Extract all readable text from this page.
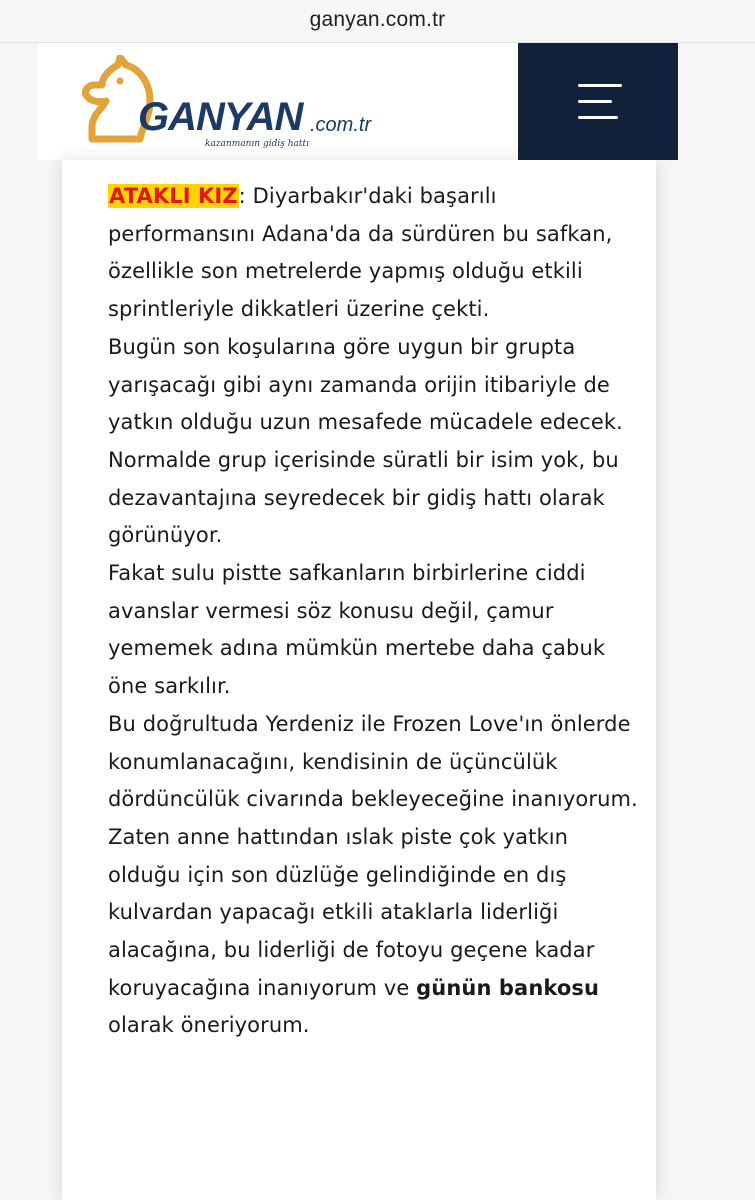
ganyan.com.tr
GANYAN .com.tr
kazanmanın gidiş hattı

ATAKLI KIZ: Diyarbakır'daki başarılı performansını Adana'da da sürdüren bu safkan, özellikle son metrelerde yapmış olduğu etkili sprintleriyle dikkatleri üzerine çekti.

Bugün son koşularına göre uygun bir grupta yarışacağı gibi aynı zamanda orijin itibariyle de yatkın olduğu uzun mesafede mücadele edecek.

Normalde grup içerisinde süratli bir isim yok, bu dezavantajına seyredecek bir gidiş hattı olarak görünüyor.

Fakat sulu pistte safkanların birbirlerine ciddi avanslar vermesi söz konusu değil, çamur yememek adına mümkün mertebe daha çabuk öne sarkılır.

Bu doğrultuda Yerdeniz ile Frozen Love'ın önlerde konumlanacağını, kendisinin de üçüncülük dördüncülük civarında bekleyeceğine inanıyorum.

Zaten anne hattından ıslak piste çok yatkın olduğu için son düzlüğe gelindiğinde en dış kulvardan yapacağı etkili ataklarla liderliği alacağına, bu liderliği de fotoyu geçene kadar koruyacağına inanıyorum ve günün bankosu olarak öneriyorum.
